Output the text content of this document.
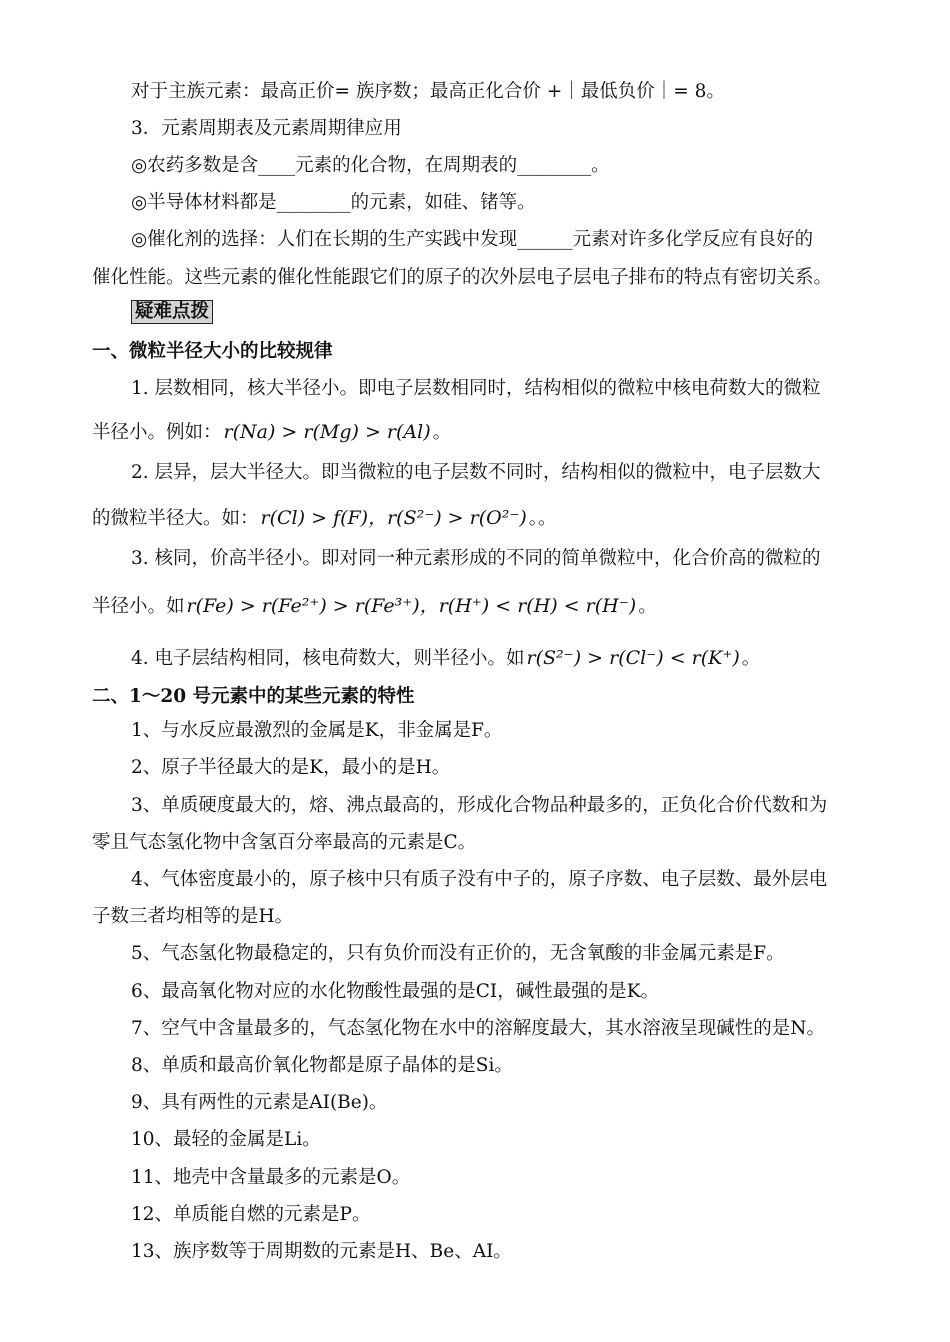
对于主族元素：最高正价= 族序数；最高正化合价 +｜最低负价｜= 8。
3．元素周期表及元素周期律应用
◎农药多数是含____元素的化合物，在周期表的________。
◎半导体材料都是________的元素，如硅、锗等。
◎催化剂的选择：人们在长期的生产实践中发现______元素对许多化学反应有良好的
催化性能。这些元素的催化性能跟它们的原子的次外层电子层电子排布的特点有密切关系。
疑难点拨
一、微粒半径大小的比较规律
1. 层数相同，核大半径小。即电子层数相同时，结构相似的微粒中核电荷数大的微粒
半径小。例如： r(Na) > r(Mg) > r(Al) 。
2. 层异，层大半径大。即当微粒的电子层数不同时，结构相似的微粒中，电子层数大
的微粒半径大。如： r(Cl) > f(F)，r(S²⁻) > r(O²⁻) 。。
3. 核同，价高半径小。即对同一种元素形成的不同的简单微粒中，化合价高的微粒的
半径小。如 r(Fe) > r(Fe²⁺) > r(Fe³⁺)，r(H⁺) < r(H) < r(H⁻) 。
4. 电子层结构相同，核电荷数大，则半径小。如 r(S²⁻) > r(Cl⁻) < r(K⁺) 。
二、1～20 号元素中的某些元素的特性
1、与水反应最激烈的金属是K，非金属是F。
2、原子半径最大的是K，最小的是H。
3、单质硬度最大的，熔、沸点最高的，形成化合物品种最多的，正负化合价代数和为
零且气态氢化物中含氢百分率最高的元素是C。
4、气体密度最小的，原子核中只有质子没有中子的，原子序数、电子层数、最外层电
子数三者均相等的是H。
5、气态氢化物最稳定的，只有负价而没有正价的，无含氧酸的非金属元素是F。
6、最高氧化物对应的水化物酸性最强的是CI，碱性最强的是K。
7、空气中含量最多的，气态氢化物在水中的溶解度最大，其水溶液呈现碱性的是N。
8、单质和最高价氧化物都是原子晶体的是Si。
9、具有两性的元素是AI(Be)。
10、最轻的金属是Li。
11、地壳中含量最多的元素是O。
12、单质能自燃的元素是P。
13、族序数等于周期数的元素是H、Be、AI。
